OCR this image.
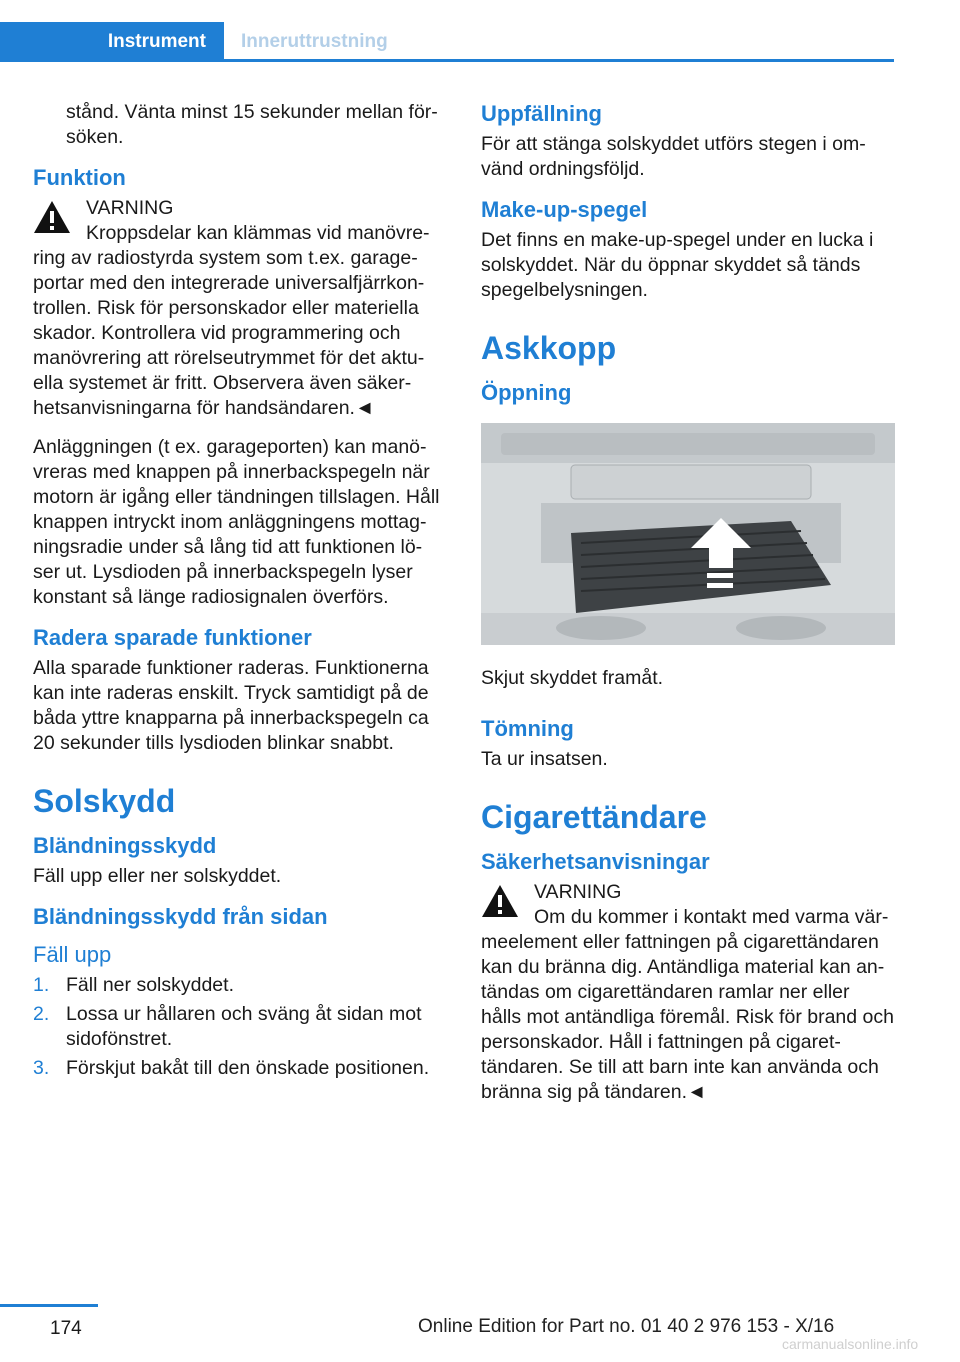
Instrument	Inneruttrustning

stånd. Vänta minst 15 sekunder mellan för-söken.

Funktion
VARNING
Kroppsdelar kan klämmas vid manövre-
ring av radiostyrda system som t.ex. garage-portar med den integrerade universalfjärrkon-trollen. Risk för personskador eller materiella skador. Kontrollera vid programmering och manövrering att rörelseutrymmet för det aktu-ella systemet är fritt. Observera även säker-hetsanvisningarna för handsändaren.◄

Anläggningen (t ex. garageporten) kan manö-vreras med knappen på innerbackspegeln när motorn är igång eller tändningen tillslagen. Håll knappen intryckt inom anläggningens mottag-ningsradie under så lång tid att funktionen lö-ser ut. Lysdioden på innerbackspegeln lyser konstant så länge radiosignalen överförs.

Radera sparade funktioner

Alla sparade funktioner raderas. Funktionerna kan inte raderas enskilt. Tryck samtidigt på de båda yttre knapparna på innerbackspegeln ca 20 sekunder tills lysdioden blinkar snabbt.

Solskydd
Bländningsskydd

Fäll upp eller ner solskyddet.

Bländningsskydd från sidan
Fäll upp
1. Fäll ner solskyddet.
2. Lossa ur hållaren och sväng åt sidan mot sidofönstret.
3. Förskjut bakåt till den önskade positionen.
Uppfällning

För att stänga solskyddet utförs stegen i om-vänd ordningsföljd.

Make-up-spegel

Det finns en make-up-spegel under en lucka i solskyddet. När du öppnar skyddet så tänds spegelbelysningen.

Askkopp
Öppning

Skjut skyddet framåt.

Tömning

Ta ur insatsen.

Cigarettändare
Säkerhetsanvisningar
VARNING
Om du kommer i kontakt med varma vär-
meelement eller fattningen på cigarettändaren kan du bränna dig. Antändliga material kan an-tändas om cigarettändaren ramlar ner eller hålls mot antändliga föremål. Risk för brand och personskador. Håll i fattningen på cigaret-tändaren. Se till att barn inte kan använda och bränna sig på tändaren.◄
174	Online Edition for Part no. 01 40 2 976 153 - X/16
carmanualsonline.info
